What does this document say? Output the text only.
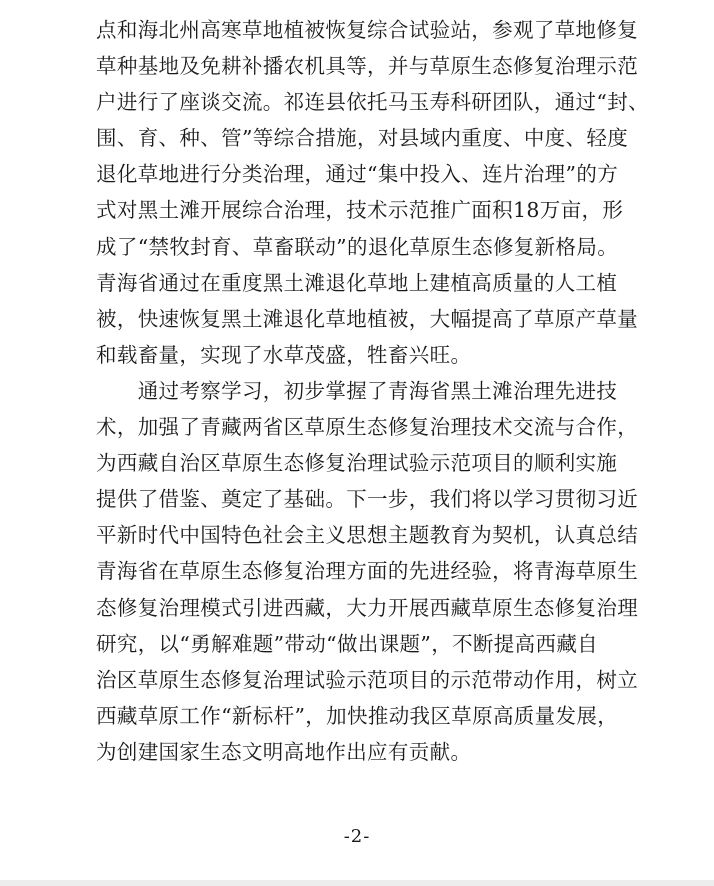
点和海北州高寒草地植被恢复综合试验站，参观了草地修复
草种基地及免耕补播农机具等，并与草原生态修复治理示范
户进行了座谈交流。祁连县依托马玉寿科研团队，通过“封、
围、育、种、管”等综合措施，对县域内重度、中度、轻度
退化草地进行分类治理，通过“集中投入、连片治理”的方
式对黑土滩开展综合治理，技术示范推广面积18万亩，形
成了“禁牧封育、草畜联动”的退化草原生态修复新格局。
青海省通过在重度黑土滩退化草地上建植高质量的人工植
被，快速恢复黑土滩退化草地植被，大幅提高了草原产草量
和载畜量，实现了水草茂盛，牲畜兴旺。
　　通过考察学习，初步掌握了青海省黑土滩治理先进技
术，加强了青藏两省区草原生态修复治理技术交流与合作，
为西藏自治区草原生态修复治理试验示范项目的顺利实施
提供了借鉴、奠定了基础。下一步，我们将以学习贯彻习近
平新时代中国特色社会主义思想主题教育为契机，认真总结
青海省在草原生态修复治理方面的先进经验，将青海草原生
态修复治理模式引进西藏，大力开展西藏草原生态修复治理
研究，以“勇解难题”带动“做出课题”，不断提高西藏自
治区草原生态修复治理试验示范项目的示范带动作用，树立
西藏草原工作“新标杆”，加快推动我区草原高质量发展，
为创建国家生态文明高地作出应有贡献。
-2-
